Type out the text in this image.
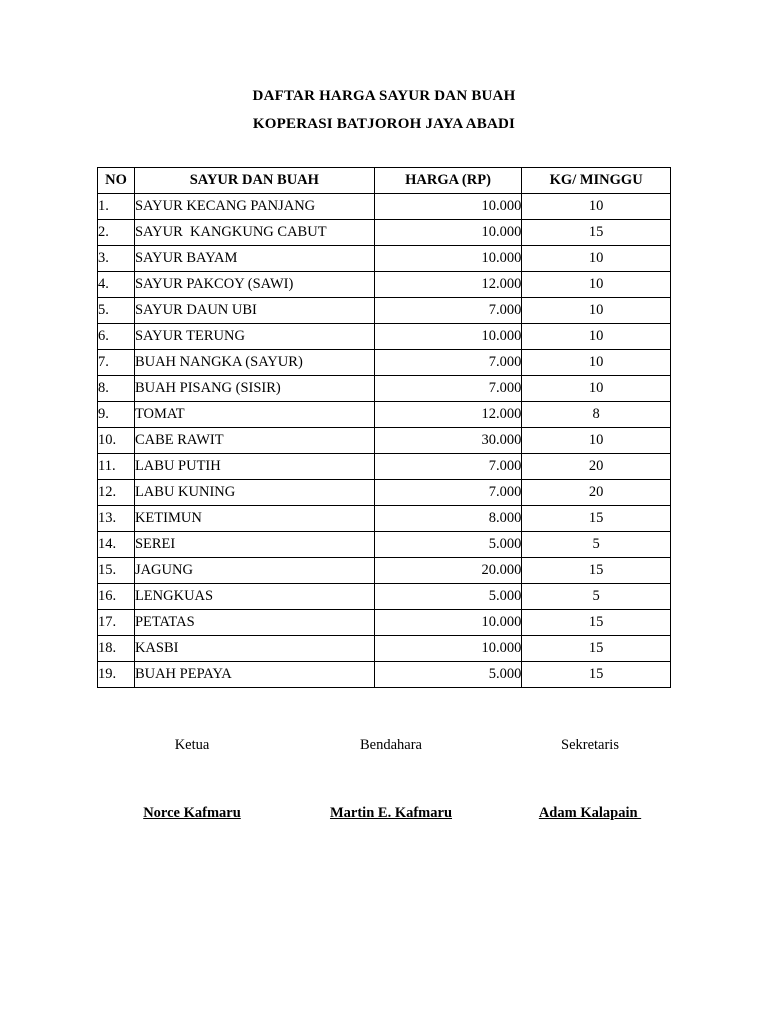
DAFTAR HARGA SAYUR DAN BUAH
KOPERASI BATJOROH JAYA ABADI
NO	SAYUR DAN BUAH	HARGA (RP)	KG/ MINGGU
1.	SAYUR KECANG PANJANG	10.000	10
2.	SAYUR  KANGKUNG CABUT	10.000	15
3.	SAYUR BAYAM	10.000	10
4.	SAYUR PAKCOY (SAWI)	12.000	10
5.	SAYUR DAUN UBI	7.000	10
6.	SAYUR TERUNG	10.000	10
7.	BUAH NANGKA (SAYUR)	7.000	10
8.	BUAH PISANG (SISIR)	7.000	10
9.	TOMAT	12.000	8
10.	CABE RAWIT	30.000	10
11.	LABU PUTIH	7.000	20
12.	LABU KUNING	7.000	20
13.	KETIMUN	8.000	15
14.	SEREI	5.000	5
15.	JAGUNG	20.000	15
16.	LENGKUAS	5.000	5
17.	PETATAS	10.000	15
18.	KASBI	10.000	15
19.	BUAH PEPAYA	5.000	15
Ketua	Bendahara	Sekretaris
Norce Kafmaru	Martin E. Kafmaru	Adam Kalapain
